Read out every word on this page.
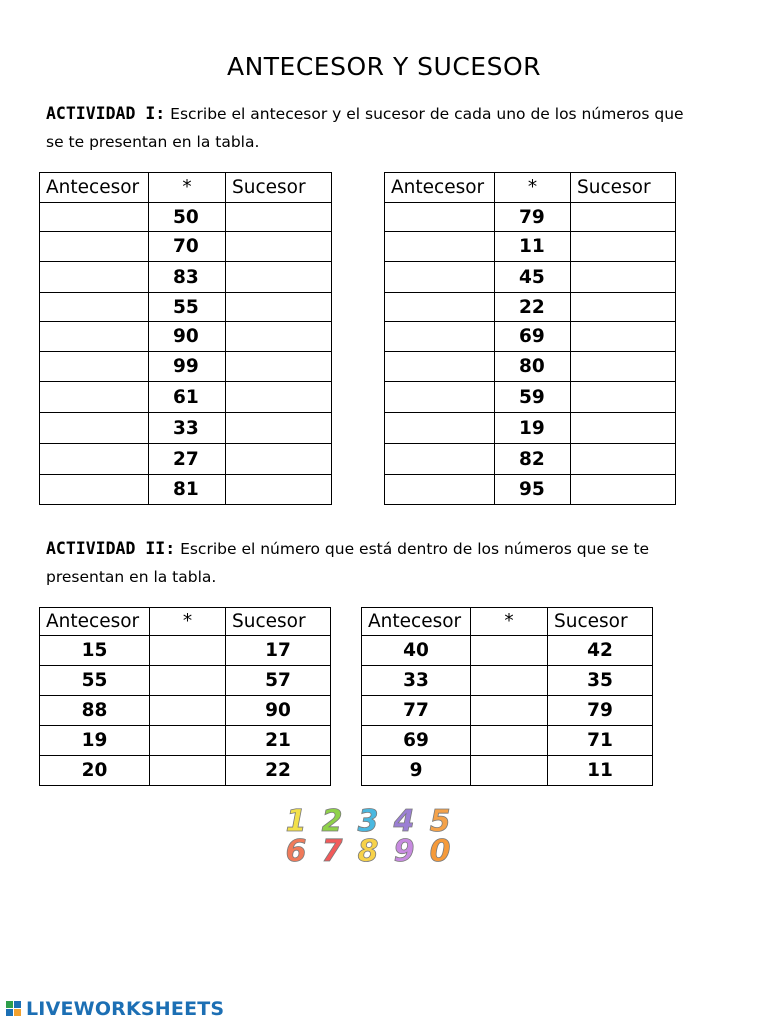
ANTECESOR Y SUCESOR
ACTIVIDAD I: Escribe el antecesor y el sucesor de cada uno de los números que
se te presentan en la tabla.
Antecesor	*	Sucesor
	50	
	70	
	83	
	55	
	90	
	99	
	61	
	33	
	27	
	81	
Antecesor	*	Sucesor
	79	
	11	
	45	
	22	
	69	
	80	
	59	
	19	
	82	
	95	
ACTIVIDAD II: Escribe el número que está dentro de los números que se te
presentan en la tabla.
Antecesor	*	Sucesor
15		17
55		57
88		90
19		21
20		22
Antecesor	*	Sucesor
40		42
33		35
77		79
69		71
9		11
1 2 3 4 5
6 7 8 9 0
LIVEWORKSHEETS
